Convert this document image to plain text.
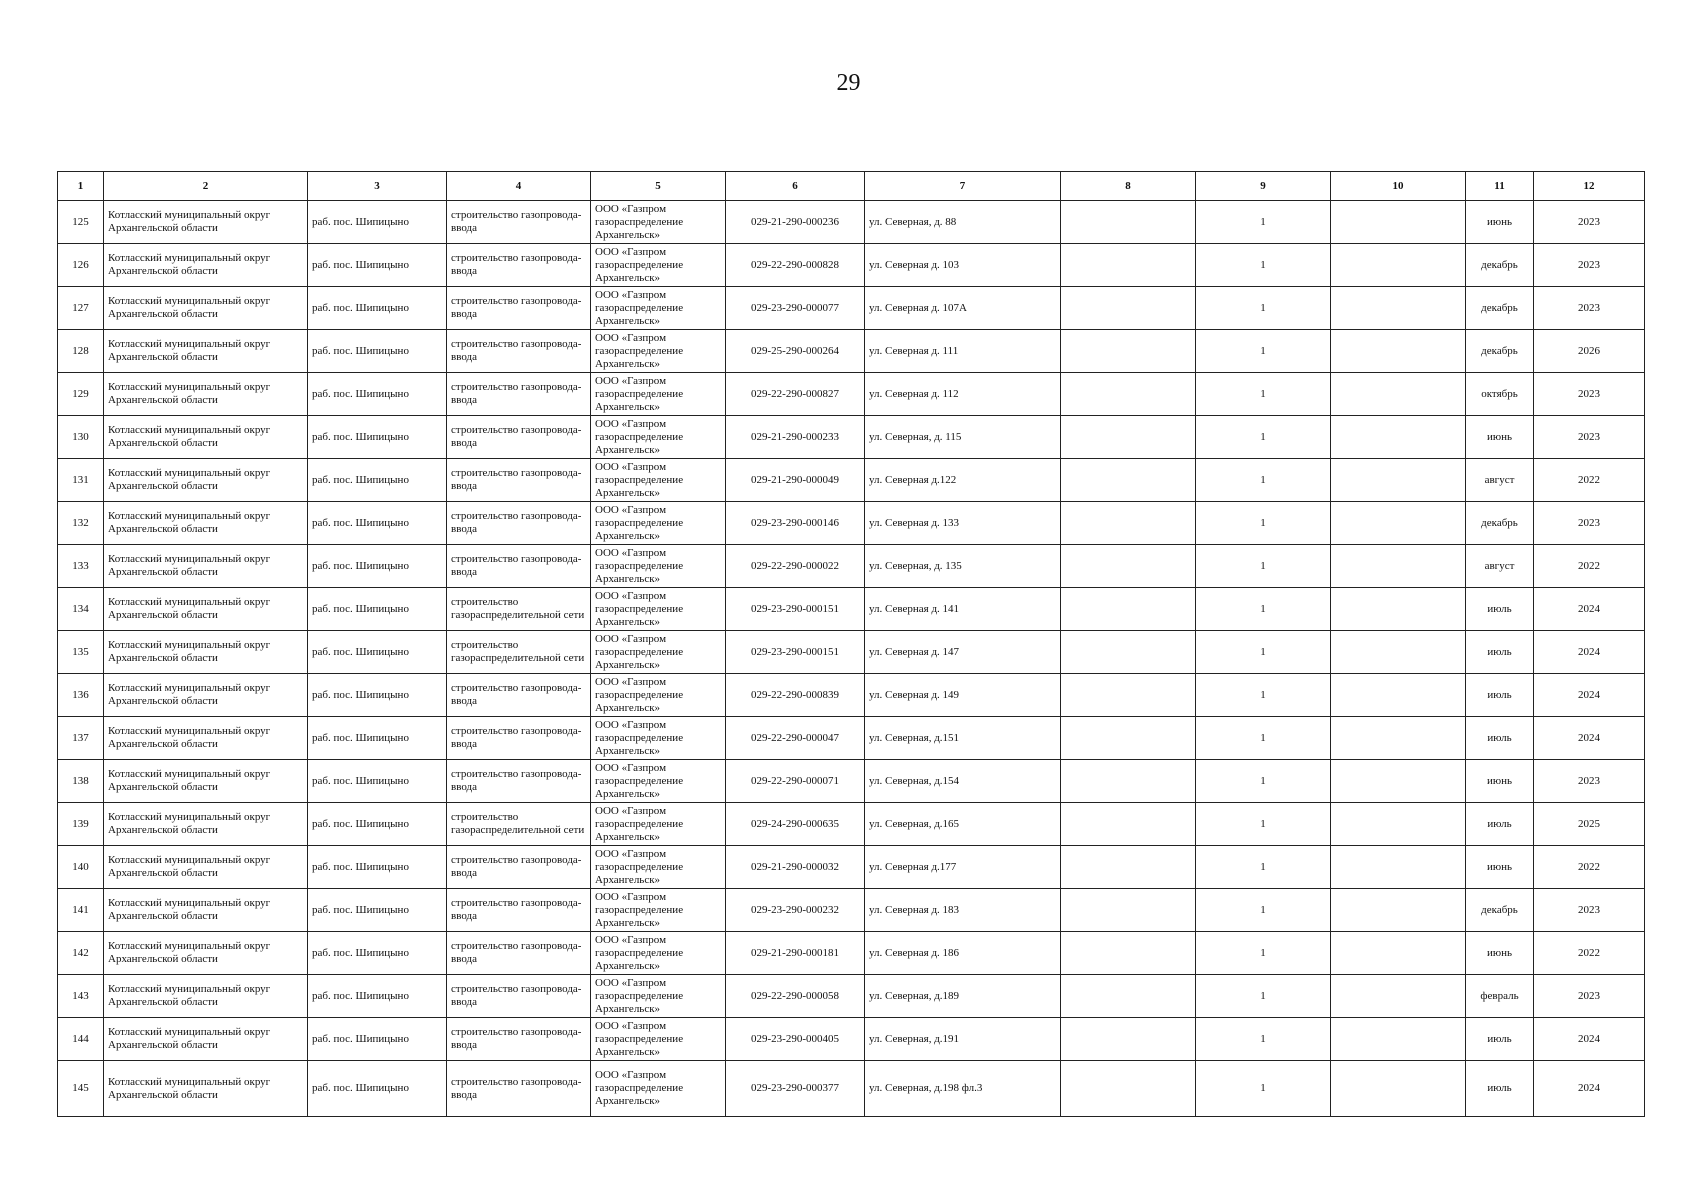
29
1	2	3	4	5	6	7	8	9	10	11	12
125	Котласский муниципальный округ Архангельской области	раб. пос. Шипицыно	строительство газопровода-ввода	ООО «Газпром газораспределение Архангельск»	029-21-290-000236	ул. Северная, д. 88		1		июнь	2023
126	Котласский муниципальный округ Архангельской области	раб. пос. Шипицыно	строительство газопровода-ввода	ООО «Газпром газораспределение Архангельск»	029-22-290-000828	ул. Северная д. 103		1		декабрь	2023
127	Котласский муниципальный округ Архангельской области	раб. пос. Шипицыно	строительство газопровода-ввода	ООО «Газпром газораспределение Архангельск»	029-23-290-000077	ул. Северная д. 107А		1		декабрь	2023
128	Котласский муниципальный округ Архангельской области	раб. пос. Шипицыно	строительство газопровода-ввода	ООО «Газпром газораспределение Архангельск»	029-25-290-000264	ул. Северная д. 111		1		декабрь	2026
129	Котласский муниципальный округ Архангельской области	раб. пос. Шипицыно	строительство газопровода-ввода	ООО «Газпром газораспределение Архангельск»	029-22-290-000827	ул. Северная д. 112		1		октябрь	2023
130	Котласский муниципальный округ Архангельской области	раб. пос. Шипицыно	строительство газопровода-ввода	ООО «Газпром газораспределение Архангельск»	029-21-290-000233	ул. Северная, д. 115		1		июнь	2023
131	Котласский муниципальный округ Архангельской области	раб. пос. Шипицыно	строительство газопровода-ввода	ООО «Газпром газораспределение Архангельск»	029-21-290-000049	ул. Северная д.122		1		август	2022
132	Котласский муниципальный округ Архангельской области	раб. пос. Шипицыно	строительство газопровода-ввода	ООО «Газпром газораспределение Архангельск»	029-23-290-000146	ул. Северная д. 133		1		декабрь	2023
133	Котласский муниципальный округ Архангельской области	раб. пос. Шипицыно	строительство газопровода-ввода	ООО «Газпром газораспределение Архангельск»	029-22-290-000022	ул. Северная, д. 135		1		август	2022
134	Котласский муниципальный округ Архангельской области	раб. пос. Шипицыно	строительство газораспределительной сети	ООО «Газпром газораспределение Архангельск»	029-23-290-000151	ул. Северная д. 141		1		июль	2024
135	Котласский муниципальный округ Архангельской области	раб. пос. Шипицыно	строительство газораспределительной сети	ООО «Газпром газораспределение Архангельск»	029-23-290-000151	ул. Северная д. 147		1		июль	2024
136	Котласский муниципальный округ Архангельской области	раб. пос. Шипицыно	строительство газопровода-ввода	ООО «Газпром газораспределение Архангельск»	029-22-290-000839	ул. Северная д. 149		1		июль	2024
137	Котласский муниципальный округ Архангельской области	раб. пос. Шипицыно	строительство газопровода-ввода	ООО «Газпром газораспределение Архангельск»	029-22-290-000047	ул. Северная, д.151		1		июль	2024
138	Котласский муниципальный округ Архангельской области	раб. пос. Шипицыно	строительство газопровода-ввода	ООО «Газпром газораспределение Архангельск»	029-22-290-000071	ул. Северная, д.154		1		июнь	2023
139	Котласский муниципальный округ Архангельской области	раб. пос. Шипицыно	строительство газораспределительной сети	ООО «Газпром газораспределение Архангельск»	029-24-290-000635	ул. Северная, д.165		1		июль	2025
140	Котласский муниципальный округ Архангельской области	раб. пос. Шипицыно	строительство газопровода-ввода	ООО «Газпром газораспределение Архангельск»	029-21-290-000032	ул. Северная д.177		1		июнь	2022
141	Котласский муниципальный округ Архангельской области	раб. пос. Шипицыно	строительство газопровода-ввода	ООО «Газпром газораспределение Архангельск»	029-23-290-000232	ул. Северная д. 183		1		декабрь	2023
142	Котласский муниципальный округ Архангельской области	раб. пос. Шипицыно	строительство газопровода-ввода	ООО «Газпром газораспределение Архангельск»	029-21-290-000181	ул. Северная д. 186		1		июнь	2022
143	Котласский муниципальный округ Архангельской области	раб. пос. Шипицыно	строительство газопровода-ввода	ООО «Газпром газораспределение Архангельск»	029-22-290-000058	ул. Северная, д.189		1		февраль	2023
144	Котласский муниципальный округ Архангельской области	раб. пос. Шипицыно	строительство газопровода-ввода	ООО «Газпром газораспределение Архангельск»	029-23-290-000405	ул. Северная, д.191		1		июль	2024
145	Котласский муниципальный округ Архангельской области	раб. пос. Шипицыно	строительство газопровода-ввода	ООО «Газпром газораспределение Архангельск»	029-23-290-000377	ул. Северная, д.198 фл.3		1		июль	2024
